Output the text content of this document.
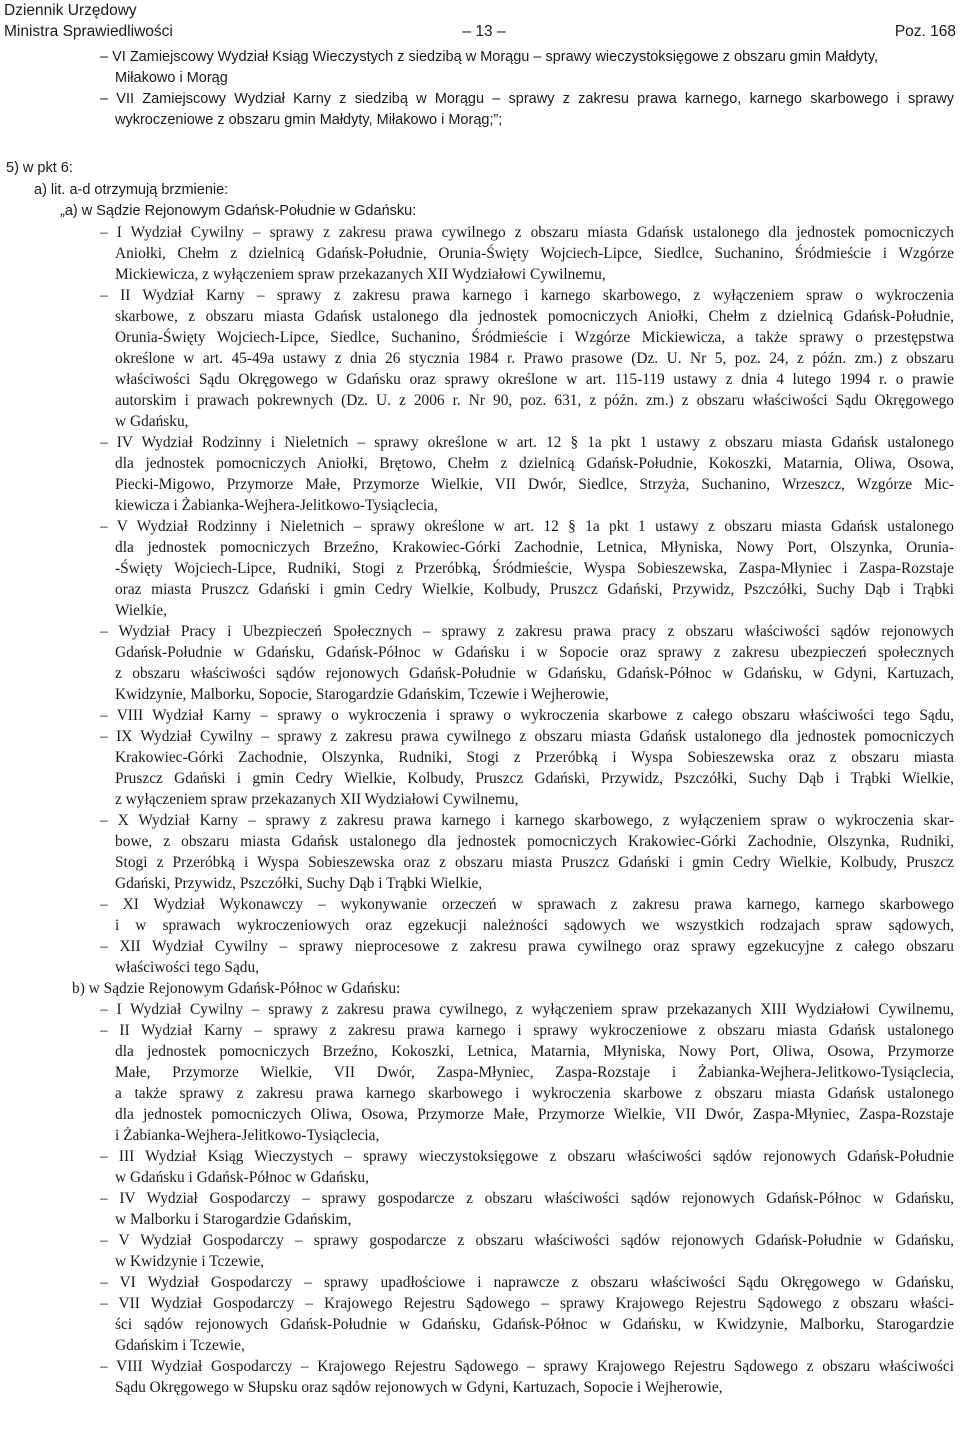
Dziennik Urzędowy
Ministra Sprawiedliwości	– 13 –	Poz. 168
– VI Zamiejscowy Wydział Ksiąg Wieczystych z siedzibą w Morągu – sprawy wieczystoksięgowe z obszaru gmin Małdyty,
Miłakowo i Morąg
– VII Zamiejscowy Wydział Karny z siedzibą w Morągu – sprawy z zakresu prawa karnego, karnego skarbowego i sprawy
wykroczeniowe z obszaru gmin Małdyty, Miłakowo i Morąg;”;
5) w pkt 6:
a) lit. a-d otrzymują brzmienie:
„a) w Sądzie Rejonowym Gdańsk-Południe w Gdańsku:
– I Wydział Cywilny – sprawy z zakresu prawa cywilnego z obszaru miasta Gdańsk ustalonego dla jednostek pomocniczych
Aniołki, Chełm z dzielnicą Gdańsk-Południe, Orunia-Święty Wojciech-Lipce, Siedlce, Suchanino, Śródmieście i Wzgórze
Mickiewicza, z wyłączeniem spraw przekazanych XII Wydziałowi Cywilnemu,
– II Wydział Karny – sprawy z zakresu prawa karnego i karnego skarbowego, z wyłączeniem spraw o wykroczenia
skarbowe, z obszaru miasta Gdańsk ustalonego dla jednostek pomocniczych Aniołki, Chełm z dzielnicą Gdańsk-Południe,
Orunia-Święty Wojciech-Lipce, Siedlce, Suchanino, Śródmieście i Wzgórze Mickiewicza, a także sprawy o przestępstwa
określone w art. 45-49a ustawy z dnia 26 stycznia 1984 r. Prawo prasowe (Dz. U. Nr 5, poz. 24, z późn. zm.) z obszaru
właściwości Sądu Okręgowego w Gdańsku oraz sprawy określone w art. 115-119 ustawy z dnia 4 lutego 1994 r. o prawie
autorskim i prawach pokrewnych (Dz. U. z 2006 r. Nr 90, poz. 631, z późn. zm.) z obszaru właściwości Sądu Okręgowego
w Gdańsku,
– IV Wydział Rodzinny i Nieletnich – sprawy określone w art. 12 § 1a pkt 1 ustawy z obszaru miasta Gdańsk ustalonego
dla jednostek pomocniczych Aniołki, Brętowo, Chełm z dzielnicą Gdańsk-Południe, Kokoszki, Matarnia, Oliwa, Osowa,
Piecki-Migowo, Przymorze Małe, Przymorze Wielkie, VII Dwór, Siedlce, Strzyża, Suchanino, Wrzeszcz, Wzgórze Mic-
kiewicza i Żabianka-Wejhera-Jelitkowo-Tysiąclecia,
– V Wydział Rodzinny i Nieletnich – sprawy określone w art. 12 § 1a pkt 1 ustawy z obszaru miasta Gdańsk ustalonego
dla jednostek pomocniczych Brzeźno, Krakowiec-Górki Zachodnie, Letnica, Młyniska, Nowy Port, Olszynka, Orunia-
-Święty Wojciech-Lipce, Rudniki, Stogi z Przeróbką, Śródmieście, Wyspa Sobieszewska, Zaspa-Młyniec i Zaspa-Rozstaje
oraz miasta Pruszcz Gdański i gmin Cedry Wielkie, Kolbudy, Pruszcz Gdański, Przywidz, Pszczółki, Suchy Dąb i Trąbki
Wielkie,
– Wydział Pracy i Ubezpieczeń Społecznych – sprawy z zakresu prawa pracy z obszaru właściwości sądów rejonowych
Gdańsk-Południe w Gdańsku, Gdańsk-Północ w Gdańsku i w Sopocie oraz sprawy z zakresu ubezpieczeń społecznych
z obszaru właściwości sądów rejonowych Gdańsk-Południe w Gdańsku, Gdańsk-Północ w Gdańsku, w Gdyni, Kartuzach,
Kwidzynie, Malborku, Sopocie, Starogardzie Gdańskim, Tczewie i Wejherowie,
– VIII Wydział Karny – sprawy o wykroczenia i sprawy o wykroczenia skarbowe z całego obszaru właściwości tego Sądu,
– IX Wydział Cywilny – sprawy z zakresu prawa cywilnego z obszaru miasta Gdańsk ustalonego dla jednostek pomocniczych
Krakowiec-Górki Zachodnie, Olszynka, Rudniki, Stogi z Przeróbką i Wyspa Sobieszewska oraz z obszaru miasta
Pruszcz Gdański i gmin Cedry Wielkie, Kolbudy, Pruszcz Gdański, Przywidz, Pszczółki, Suchy Dąb i Trąbki Wielkie,
z wyłączeniem spraw przekazanych XII Wydziałowi Cywilnemu,
– X Wydział Karny – sprawy z zakresu prawa karnego i karnego skarbowego, z wyłączeniem spraw o wykroczenia skar-
bowe, z obszaru miasta Gdańsk ustalonego dla jednostek pomocniczych Krakowiec-Górki Zachodnie, Olszynka, Rudniki,
Stogi z Przeróbką i Wyspa Sobieszewska oraz z obszaru miasta Pruszcz Gdański i gmin Cedry Wielkie, Kolbudy, Pruszcz
Gdański, Przywidz, Pszczółki, Suchy Dąb i Trąbki Wielkie,
– XI Wydział Wykonawczy – wykonywanie orzeczeń w sprawach z zakresu prawa karnego, karnego skarbowego
i w sprawach wykroczeniowych oraz egzekucji należności sądowych we wszystkich rodzajach spraw sądowych,
– XII Wydział Cywilny – sprawy nieprocesowe z zakresu prawa cywilnego oraz sprawy egzekucyjne z całego obszaru
właściwości tego Sądu,
b) w Sądzie Rejonowym Gdańsk-Północ w Gdańsku:
– I Wydział Cywilny – sprawy z zakresu prawa cywilnego, z wyłączeniem spraw przekazanych XIII Wydziałowi Cywilnemu,
– II Wydział Karny – sprawy z zakresu prawa karnego i sprawy wykroczeniowe z obszaru miasta Gdańsk ustalonego
dla jednostek pomocniczych Brzeźno, Kokoszki, Letnica, Matarnia, Młyniska, Nowy Port, Oliwa, Osowa, Przymorze
Małe, Przymorze Wielkie, VII Dwór, Zaspa-Młyniec, Zaspa-Rozstaje i Żabianka-Wejhera-Jelitkowo-Tysiąclecia,
a także sprawy z zakresu prawa karnego skarbowego i wykroczenia skarbowe z obszaru miasta Gdańsk ustalonego
dla jednostek pomocniczych Oliwa, Osowa, Przymorze Małe, Przymorze Wielkie, VII Dwór, Zaspa-Młyniec, Zaspa-Rozstaje
i Żabianka-Wejhera-Jelitkowo-Tysiąclecia,
– III Wydział Ksiąg Wieczystych – sprawy wieczystoksięgowe z obszaru właściwości sądów rejonowych Gdańsk-Południe
w Gdańsku i Gdańsk-Północ w Gdańsku,
– IV Wydział Gospodarczy – sprawy gospodarcze z obszaru właściwości sądów rejonowych Gdańsk-Północ w Gdańsku,
w Malborku i Starogardzie Gdańskim,
– V Wydział Gospodarczy – sprawy gospodarcze z obszaru właściwości sądów rejonowych Gdańsk-Południe w Gdańsku,
w Kwidzynie i Tczewie,
– VI Wydział Gospodarczy – sprawy upadłościowe i naprawcze z obszaru właściwości Sądu Okręgowego w Gdańsku,
– VII Wydział Gospodarczy – Krajowego Rejestru Sądowego – sprawy Krajowego Rejestru Sądowego z obszaru właści-
ści sądów rejonowych Gdańsk-Południe w Gdańsku, Gdańsk-Północ w Gdańsku, w Kwidzynie, Malborku, Starogardzie
Gdańskim i Tczewie,
– VIII Wydział Gospodarczy – Krajowego Rejestru Sądowego – sprawy Krajowego Rejestru Sądowego z obszaru właściwości
Sądu Okręgowego w Słupsku oraz sądów rejonowych w Gdyni, Kartuzach, Sopocie i Wejherowie,
